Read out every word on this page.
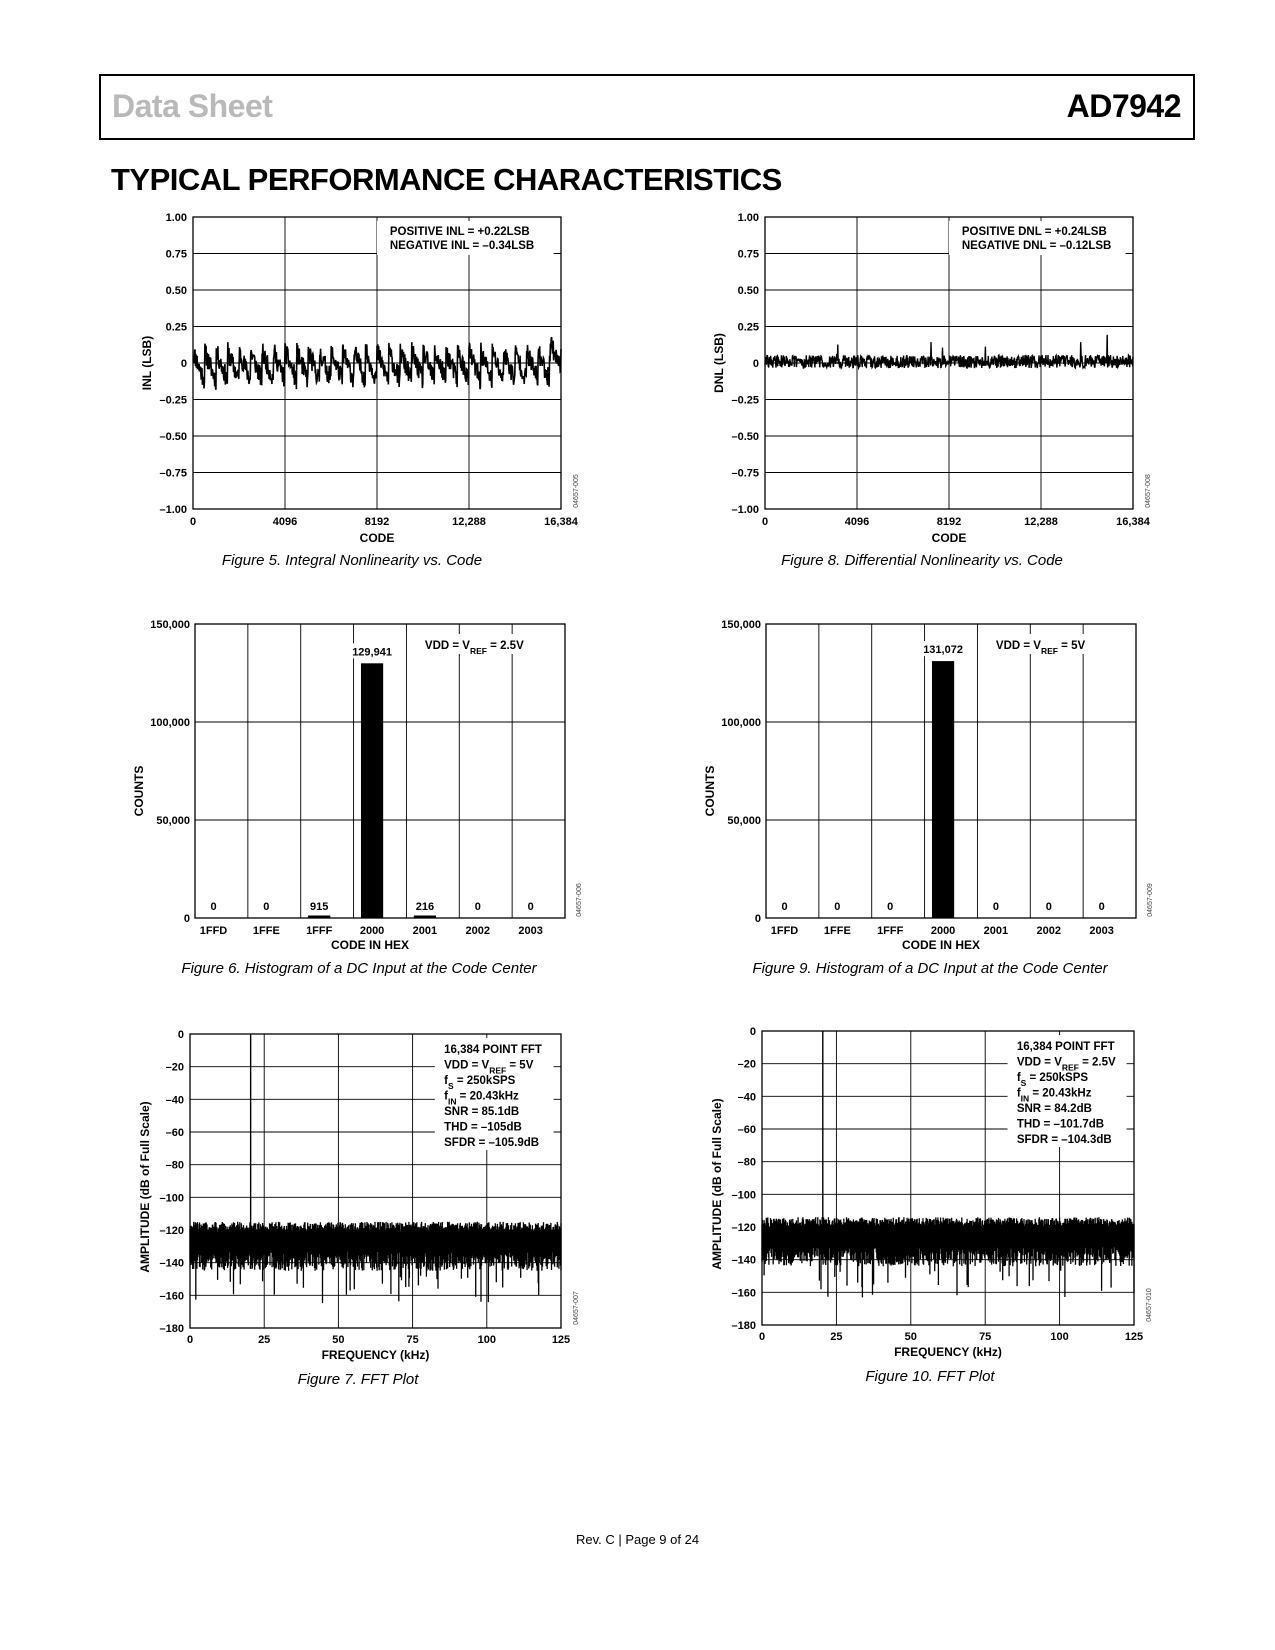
Data Sheet	AD7942
TYPICAL PERFORMANCE CHARACTERISTICS
1.00
0.75
0.50
0.25
0
–0.25
–0.50
–0.75
–1.00
0	4096	8192	12,288	16,384
POSITIVE INL = +0.22LSB
NEGATIVE INL = –0.34LSB
CODE
INL (LSB)
04657-005
Figure 5. Integral Nonlinearity vs. Code
1.00
0.75
0.50
0.25
0
–0.25
–0.50
–0.75
–1.00
0	4096	8192	12,288	16,384
POSITIVE DNL = +0.24LSB
NEGATIVE DNL = –0.12LSB
CODE
DNL (LSB)
04657-008
Figure 8. Differential Nonlinearity vs. Code
150,000
100,000
50,000
0
VDD = $V_{REF} = 2.5V$
0
1FFD
0
1FFE
915
1FFF
129,941
2000
216
2001
0
2002
0
2003
CODE IN HEX
COUNTS
04657-006
Figure 6. Histogram of a DC Input at the Code Center
150,000
100,000
50,000
0
VDD = $V_{REF} = 5V$
0
1FFD
0
1FFE
0
1FFF
131,072
2000
0
2001
0
2002
0
2003
CODE IN HEX
COUNTS
04657-009
Figure 9. Histogram of a DC Input at the Code Center
0
–20
–40
–60
–80
–100
–120
–140
–160
–180
0	25	50	75	100	125
16,384 POINT FFT
VDD = $V_{REF} = 5V$
$f_S$ = 250kSPS
$f_{IN} = 20.43kHz$
SNR = 85.1dB
THD = –105dB
SFDR = –105.9dB
FREQUENCY (kHz)
AMPLITUDE (dB of Full Scale)
04657-007
Figure 7. FFT Plot
0
–20
–40
–60
–80
–100
–120
–140
–160
–180
0	25	50	75	100	125
16,384 POINT FFT
VDD = $V_{REF} = 2.5V$
$f_S$ = 250kSPS
$f_{IN} = 20.43kHz$
SNR = 84.2dB
THD = –101.7dB
SFDR = –104.3dB
FREQUENCY (kHz)
AMPLITUDE (dB of Full Scale)
04657-010
Figure 10. FFT Plot
Rev. C | Page 9 of 24
